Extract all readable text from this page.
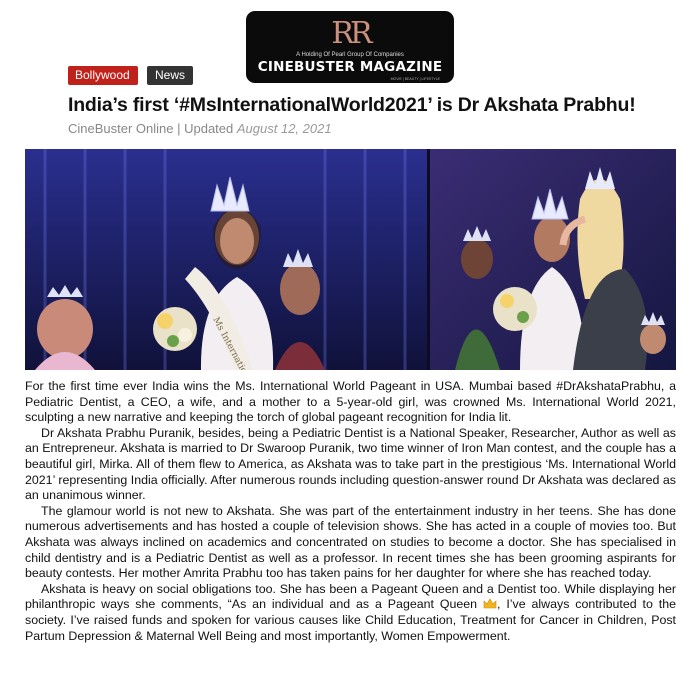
RR
A Holding Of Pearl Group Of Companies
CINEBUSTER MAGAZINE
MOVIE | BEAUTY | LIFESTYLE
Bollywood	News
India’s first ‘#MsInternationalWorld2021’ is Dr Akshata Prabhu!
CineBuster Online | Updated August 12, 2021
Ms International

For the first time ever India wins the Ms. International World Pageant in USA. Mumbai based #DrAkshataPrabhu, a Pediatric Dentist, a CEO, a wife, and a mother to a 5-year-old girl, was crowned Ms. International World 2021, sculpting a new narrative and keeping the torch of global pageant recognition for India lit.

Dr Akshata Prabhu Puranik, besides, being a Pediatric Dentist is a National Speaker, Researcher, Author as well as an Entrepreneur. Akshata is married to Dr Swaroop Puranik, two time winner of Iron Man contest, and the couple has a beautiful girl, Mirka. All of them flew to America, as Akshata was to take part in the prestigious ‘Ms. International World 2021’ representing India officially. After numerous rounds including question-answer round Dr Akshata was declared as an unanimous winner.

The glamour world is not new to Akshata. She was part of the entertainment industry in her teens. She has done numerous advertisements and has hosted a couple of television shows. She has acted in a couple of movies too. But Akshata was always inclined on academics and concentrated on studies to become a doctor. She has specialised in child dentistry and is a Pediatric Dentist as well as a professor. In recent times she has been grooming aspirants for beauty contests. Her mother Amrita Prabhu too has taken pains for her daughter for where she has reached today.

Akshata is heavy on social obligations too. She has been a Pageant Queen and a Dentist too. While displaying her philanthropic ways she comments, “As an individual and as a Pageant Queen , I’ve always contributed to the society. I’ve raised funds and spoken for various causes like Child Education, Treatment for Cancer in Children, Post Partum Depression & Maternal Well Being and most importantly, Women Empowerment.
